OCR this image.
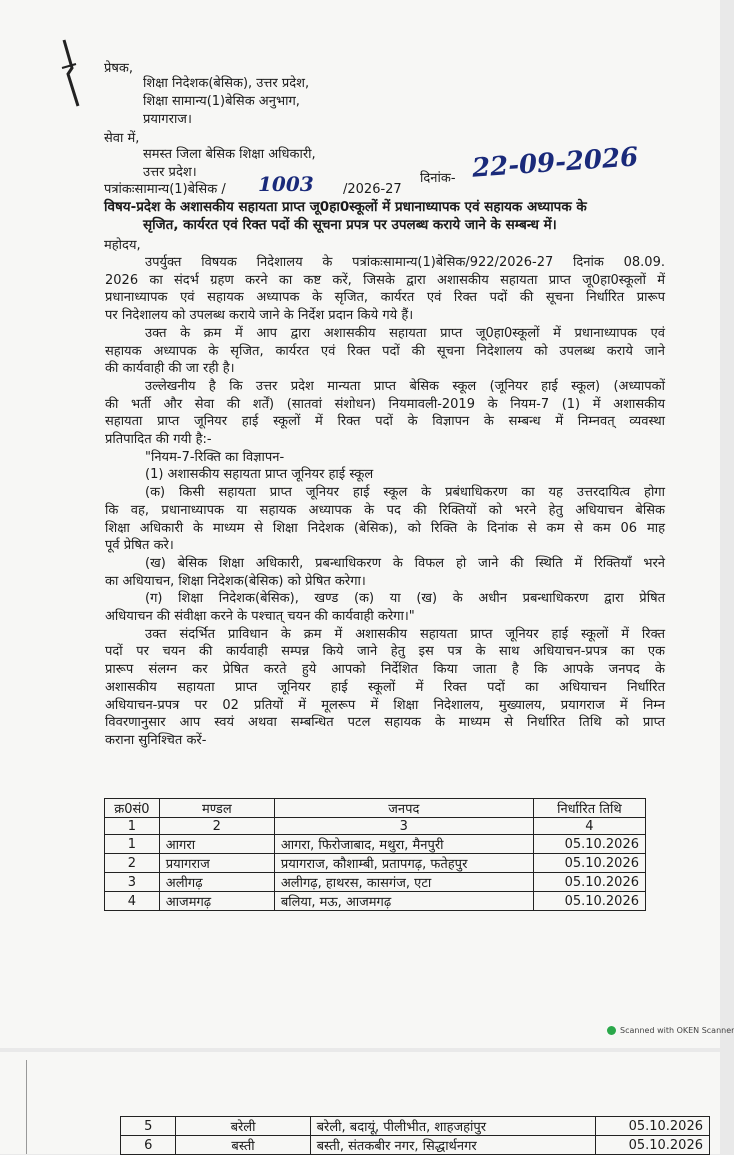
प्रेषक,
शिक्षा निदेशक(बेसिक), उत्तर प्रदेश,
शिक्षा सामान्य(1)बेसिक अनुभाग,
प्रयागराज।
सेवा में,
समस्त जिला बेसिक शिक्षा अधिकारी,
उत्तर प्रदेश।
पत्रांकःसामान्य(1)बेसिक / 1003 /2026-27
दिनांक- 22-09-2026
विषय-प्रदेश के अशासकीय सहायता प्राप्त जू0हा0स्कूलों में प्रधानाध्यापक एवं सहायक अध्यापक के
सृजित, कार्यरत एवं रिक्त पदों की सूचना प्रपत्र पर उपलब्ध कराये जाने के सम्बन्ध में।
महोदय,
उपर्युक्त विषयक निदेशालय के पत्रांकःसामान्य(1)बेसिक/922/2026-27 दिनांक 08.09.
2026 का संदर्भ ग्रहण करने का कष्ट करें, जिसके द्वारा अशासकीय सहायता प्राप्त जू0हा0स्कूलों में
प्रधानाध्यापक एवं सहायक अध्यापक के सृजित, कार्यरत एवं रिक्त पदों की सूचना निर्धारित प्रारूप
पर निदेशालय को उपलब्ध कराये जाने के निर्देश प्रदान किये गये हैं।
उक्त के क्रम में आप द्वारा अशासकीय सहायता प्राप्त जू0हा0स्कूलों में प्रधानाध्यापक एवं
सहायक अध्यापक के सृजित, कार्यरत एवं रिक्त पदों की सूचना निदेशालय को उपलब्ध कराये जाने
की कार्यवाही की जा रही है।
उल्लेखनीय है कि उत्तर प्रदेश मान्यता प्राप्त बेसिक स्कूल (जूनियर हाई स्कूल) (अध्यापकों
की भर्ती और सेवा की शर्तें) (सातवां संशोधन) नियमावली-2019 के नियम-7 (1) में अशासकीय
सहायता प्राप्त जूनियर हाई स्कूलों में रिक्त पदों के विज्ञापन के सम्बन्ध में निम्नवत् व्यवस्था
प्रतिपादित की गयी है:-
"नियम-7-रिक्ति का विज्ञापन-
(1) अशासकीय सहायता प्राप्त जूनियर हाई स्कूल
(क) किसी सहायता प्राप्त जूनियर हाई स्कूल के प्रबंधाधिकरण का यह उत्तरदायित्व होगा
कि वह, प्रधानाध्यापक या सहायक अध्यापक के पद की रिक्तियों को भरने हेतु अधियाचन बेसिक
शिक्षा अधिकारी के माध्यम से शिक्षा निदेशक (बेसिक), को रिक्ति के दिनांक से कम से कम 06 माह
पूर्व प्रेषित करे।
(ख) बेसिक शिक्षा अधिकारी, प्रबन्धाधिकरण के विफल हो जाने की स्थिति में रिक्तियाँ भरने
का अधियाचन, शिक्षा निदेशक(बेसिक) को प्रेषित करेगा।
(ग) शिक्षा निदेशक(बेसिक), खण्ड (क) या (ख) के अधीन प्रबन्धाधिकरण द्वारा प्रेषित
अधियाचन की संवीक्षा करने के पश्चात् चयन की कार्यवाही करेगा।"
उक्त संदर्भित प्राविधान के क्रम में अशासकीय सहायता प्राप्त जूनियर हाई स्कूलों में रिक्त
पदों पर चयन की कार्यवाही सम्पन्न किये जाने हेतु इस पत्र के साथ अधियाचन-प्रपत्र का एक
प्रारूप संलग्न कर प्रेषित करते हुये आपको निर्देशित किया जाता है कि आपके जनपद के
अशासकीय सहायता प्राप्त जूनियर हाई स्कूलों में रिक्त पदों का अधियाचन निर्धारित
अधियाचन-प्रपत्र पर 02 प्रतियों में मूलरूप में शिक्षा निदेशालय, मुख्यालय, प्रयागराज में निम्न
विवरणानुसार आप स्वयं अथवा सम्बन्धित पटल सहायक के माध्यम से निर्धारित तिथि को प्राप्त
कराना सुनिश्चित करें-
क्र0सं0	मण्डल	जनपद	निर्धारित तिथि
1	2	3	4
1	आगरा	आगरा, फिरोजाबाद, मथुरा, मैनपुरी	05.10.2026
2	प्रयागराज	प्रयागराज, कौशाम्बी, प्रतापगढ़, फतेहपुर	05.10.2026
3	अलीगढ़	अलीगढ़, हाथरस, कासगंज, एटा	05.10.2026
4	आजमगढ़	बलिया, मऊ, आजमगढ़	05.10.2026
Scanned with OKEN Scanner
5	बरेली	बरेली, बदायूं, पीलीभीत, शाहजहांपुर	05.10.2026
6	बस्ती	बस्ती, संतकबीर नगर, सिद्धार्थनगर	05.10.2026
